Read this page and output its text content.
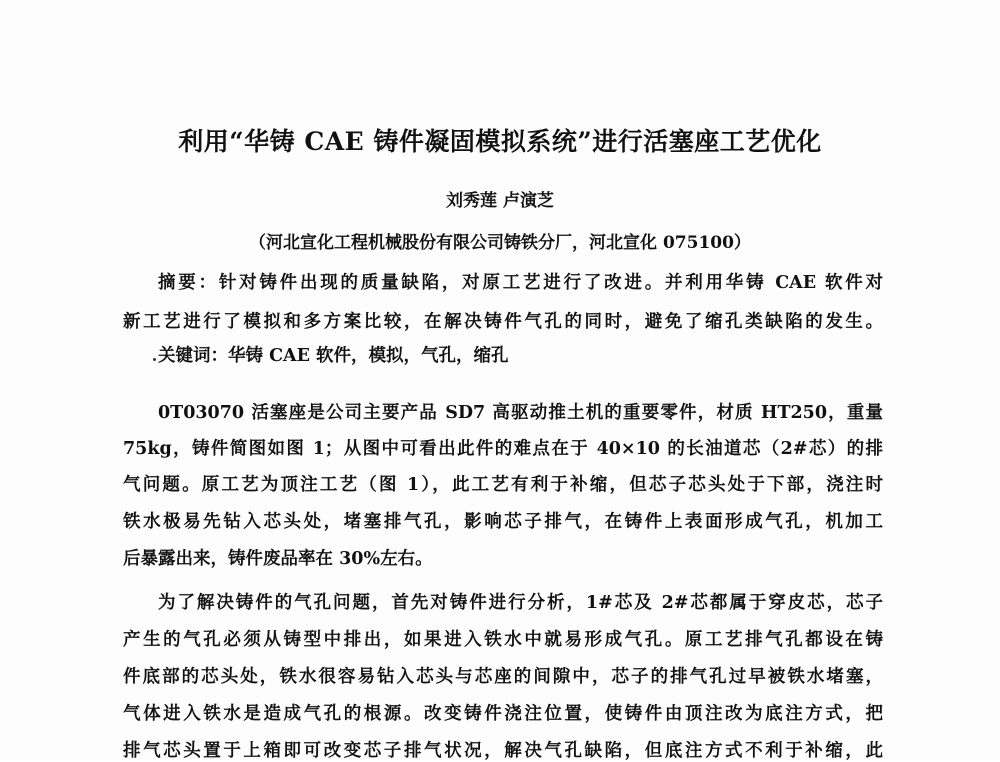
利用“华铸 CAE 铸件凝固模拟系统”进行活塞座工艺优化
刘秀莲 卢演芝
（河北宣化工程机械股份有限公司铸铁分厂，河北宣化 075100）
摘要：针对铸件出现的质量缺陷，对原工艺进行了改进。并利用华铸 CAE 软件对
新工艺进行了模拟和多方案比较，在解决铸件气孔的同时，避免了缩孔类缺陷的发生。
关键词：华铸 CAE 软件，模拟，气孔，缩孔
0T03070 活塞座是公司主要产品 SD7 高驱动推土机的重要零件，材质 HT250，重量
75kg，铸件简图如图 1；从图中可看出此件的难点在于 40×10 的长油道芯（2#芯）的排
气问题。原工艺为顶注工艺（图 1），此工艺有利于补缩，但芯子芯头处于下部，浇注时
铁水极易先钻入芯头处，堵塞排气孔，影响芯子排气，在铸件上表面形成气孔，机加工
后暴露出来，铸件废品率在 30%左右。
为了解决铸件的气孔问题，首先对铸件进行分析，1#芯及 2#芯都属于穿皮芯，芯子
产生的气孔必须从铸型中排出，如果进入铁水中就易形成气孔。原工艺排气孔都设在铸
件底部的芯头处，铁水很容易钻入芯头与芯座的间隙中，芯子的排气孔过早被铁水堵塞，
气体进入铁水是造成气孔的根源。改变铸件浇注位置，使铸件由顶注改为底注方式，把
排气芯头置于上箱即可改变芯子排气状况，解决气孔缺陷，但底注方式不利于补缩，此
